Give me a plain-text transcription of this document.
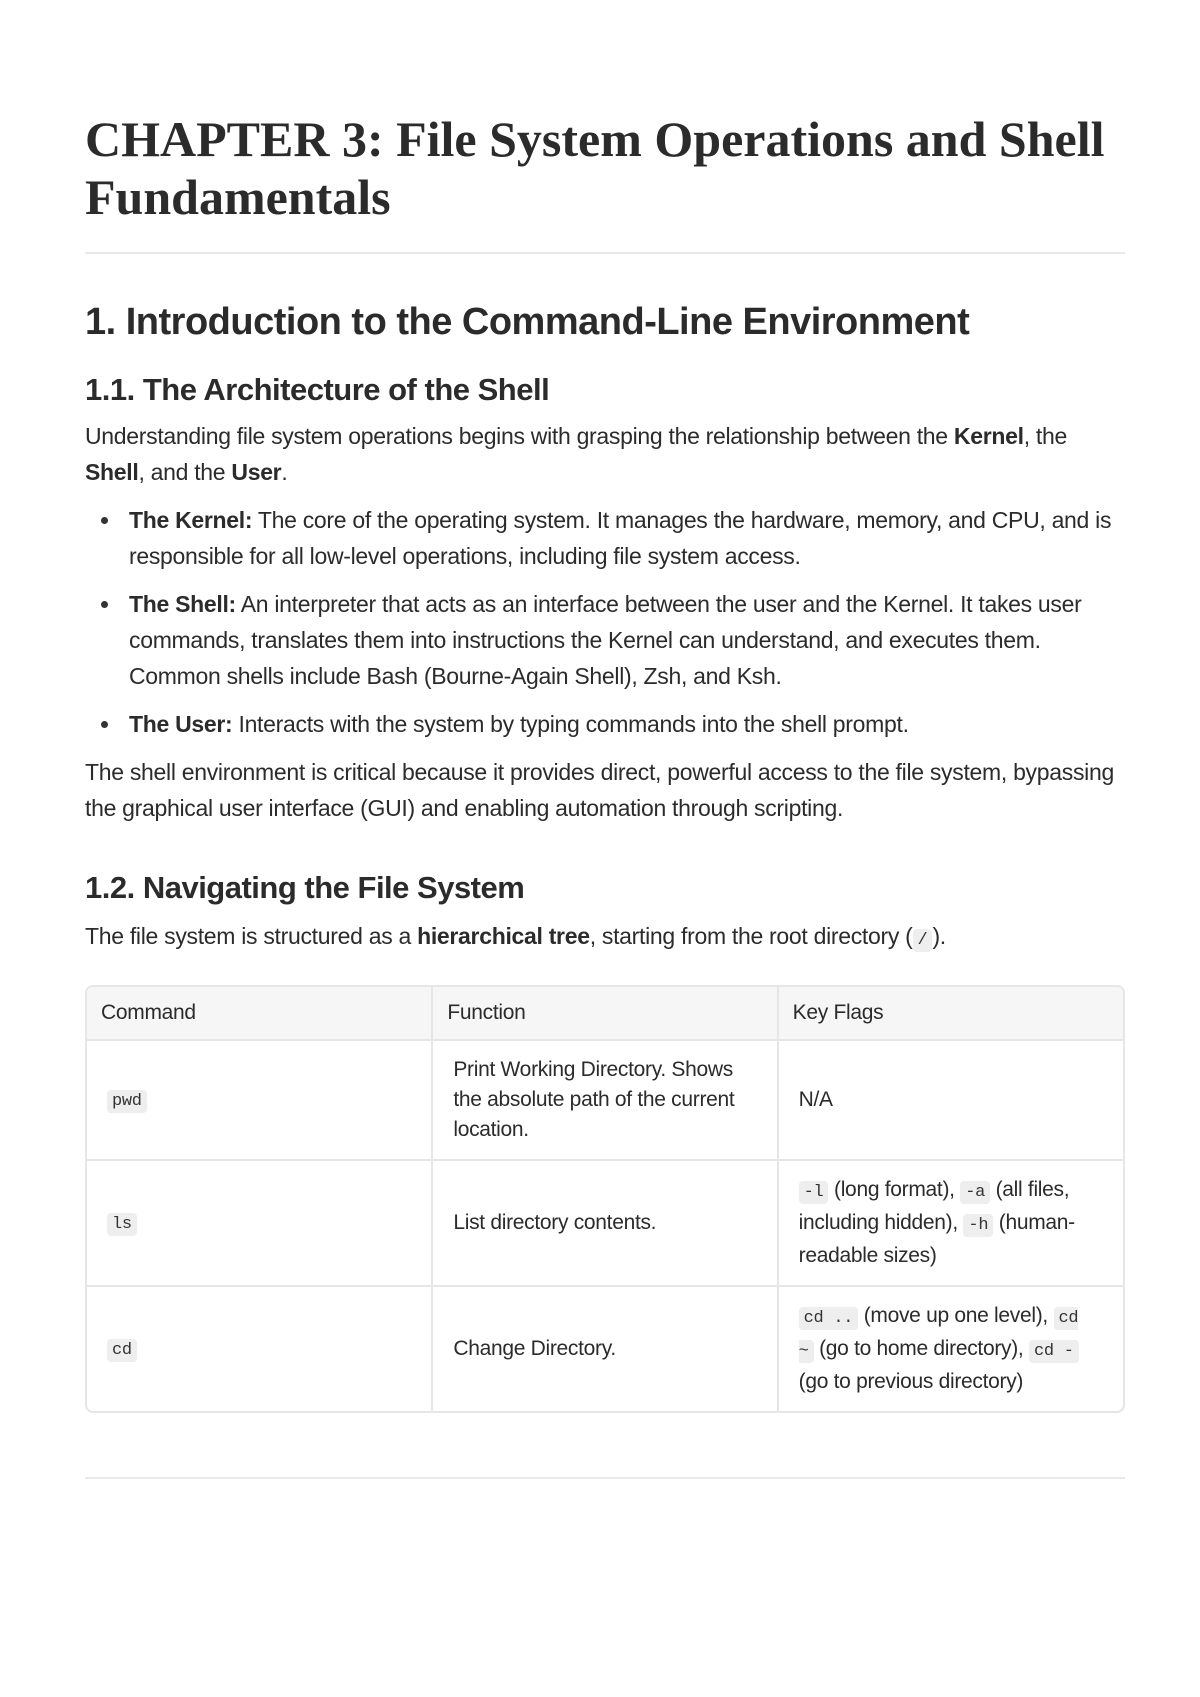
CHAPTER 3: File System Operations and Shell Fundamentals
1. Introduction to the Command-Line Environment
1.1. The Architecture of the Shell

Understanding file system operations begins with grasping the relationship between the Kernel, the Shell, and the User.

The Kernel: The core of the operating system. It manages the hardware, memory, and CPU, and is responsible for all low-level operations, including file system access.
The Shell: An interpreter that acts as an interface between the user and the Kernel. It takes user commands, translates them into instructions the Kernel can understand, and executes them. Common shells include Bash (Bourne-Again Shell), Zsh, and Ksh.
The User: Interacts with the system by typing commands into the shell prompt.

The shell environment is critical because it provides direct, powerful access to the file system, bypassing the graphical user interface (GUI) and enabling automation through scripting.

1.2. Navigating the File System

The file system is structured as a hierarchical tree, starting from the root directory ( / ).

Command	Function	Key Flags
pwd	Print Working Directory. Shows the absolute path of the current location.	N/A
ls	List directory contents.	-l (long format), -a (all files, including hidden), -h (human-readable sizes)
cd	Change Directory.	cd .. (move up one level), cd ~ (go to home directory), cd - (go to previous directory)
